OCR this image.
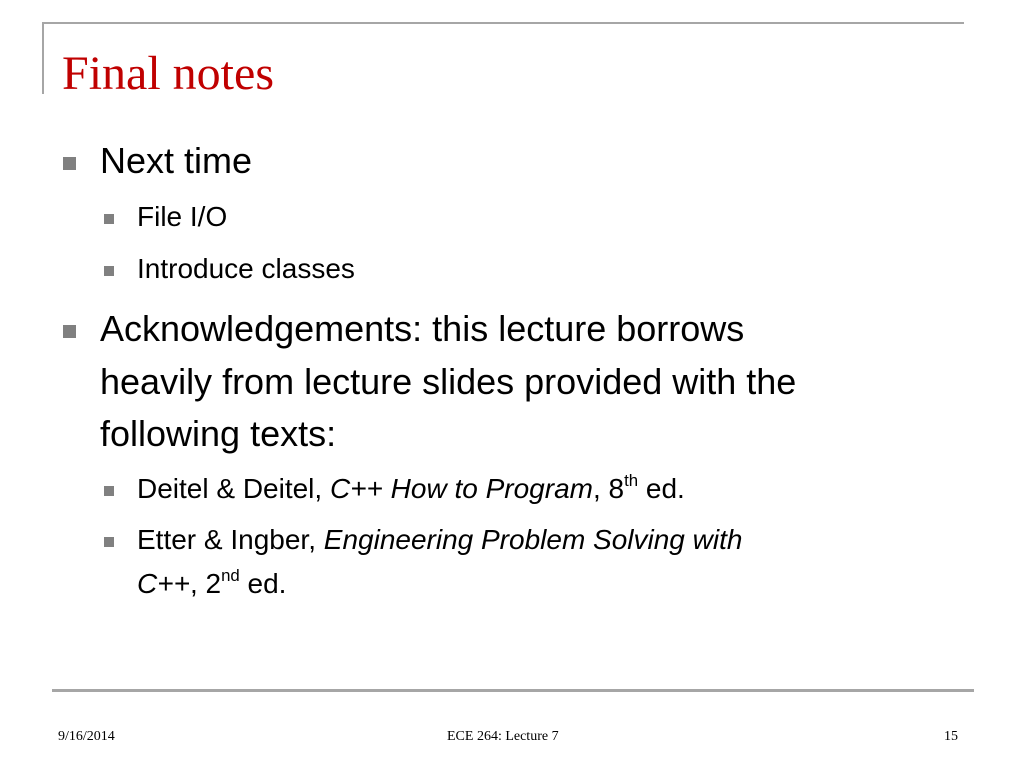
Final notes
Next time
File I/O
Introduce classes
Acknowledgements: this lecture borrows
heavily from lecture slides provided with the
following texts:
Deitel & Deitel, C++ How to Program, 8th ed.
Etter & Ingber, Engineering Problem Solving with
C++, 2nd ed.
9/16/2014	ECE 264: Lecture 7	15
